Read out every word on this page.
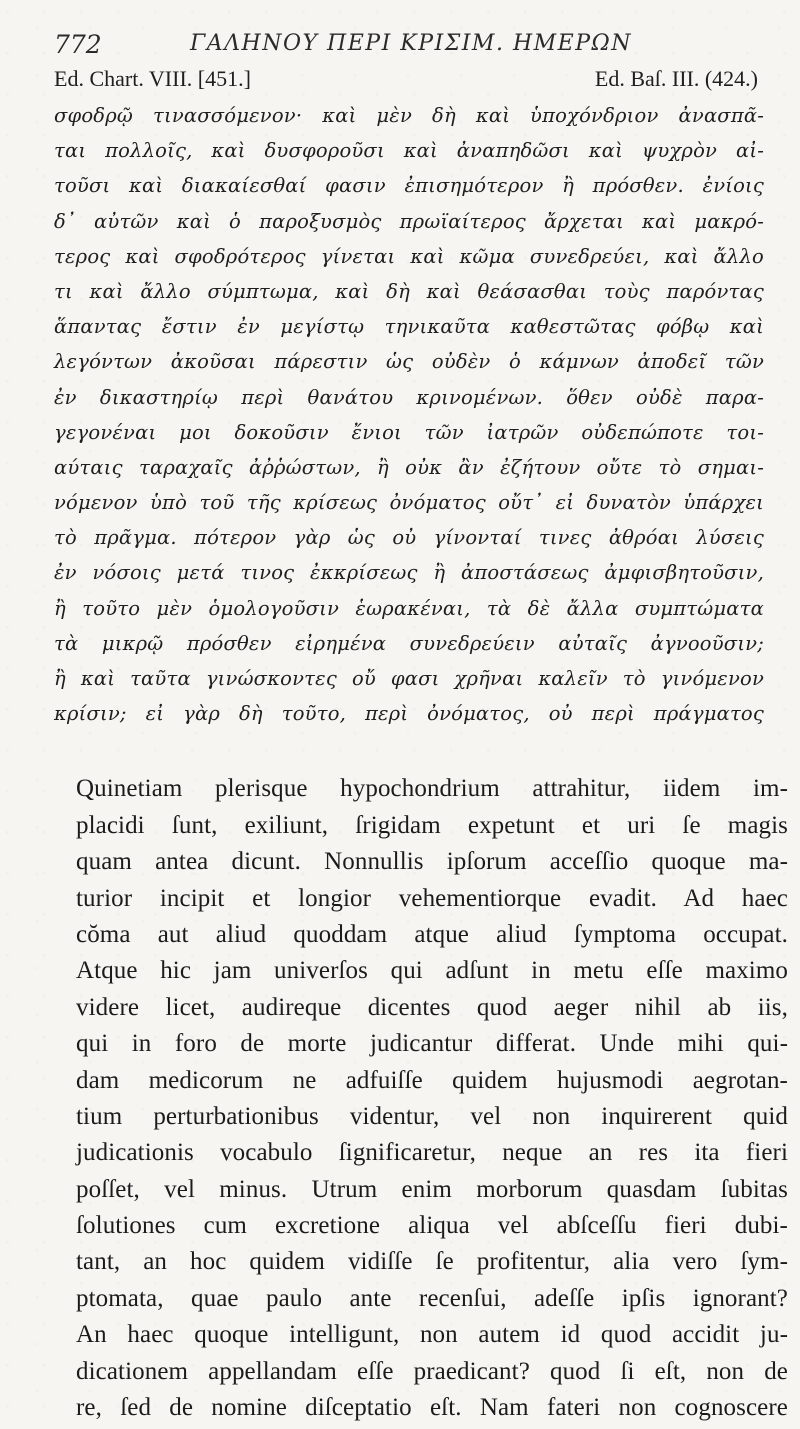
772	ΓΑΛΗΝΟΥ ΠΕΡΙ ΚΡΙΣΙΜ. ΗΜΕΡΩΝ
Ed. Chart. VIII. [451.]	Ed. Baſ. III. (424.)
σφοδρῷ τινασσόμενον· καὶ μὲν δὴ καὶ ὑποχόνδριον ἀνασπᾶ-
ται πολλοῖς, καὶ δυσφοροῦσι καὶ ἀναπηδῶσι καὶ ψυχρὸν αἰ-
τοῦσι καὶ διακαίεσθαί φασιν ἐπισημότερον ἢ πρόσθεν. ἐνίοις
δ᾽ αὐτῶν καὶ ὁ παροξυσμὸς πρωϊαίτερος ἄρχεται καὶ μακρό-
τερος καὶ σφοδρότερος γίνεται καὶ κῶμα συνεδρεύει, καὶ ἄλλο
τι καὶ ἄλλο σύμπτωμα, καὶ δὴ καὶ θεάσασθαι τοὺς παρόντας
ἅπαντας ἔστιν ἐν μεγίστῳ τηνικαῦτα καθεστῶτας φόβῳ καὶ
λεγόντων ἀκοῦσαι πάρεστιν ὡς οὐδὲν ὁ κάμνων ἀποδεῖ τῶν
ἐν δικαστηρίῳ περὶ θανάτου κρινομένων. ὅθεν οὐδὲ παρα-
γεγονέναι μοι δοκοῦσιν ἔνιοι τῶν ἰατρῶν οὐδεπώποτε τοι-
αύταις ταραχαῖς ἀῤῥώστων, ἢ οὐκ ἂν ἐζήτουν οὔτε τὸ σημαι-
νόμενον ὑπὸ τοῦ τῆς κρίσεως ὀνόματος οὔτ᾽ εἰ δυνατὸν ὑπάρχει
τὸ πρᾶγμα. πότερον γὰρ ὡς οὐ γίνονταί τινες ἀθρόαι λύσεις
ἐν νόσοις μετά τινος ἐκκρίσεως ἢ ἀποστάσεως ἀμφισβητοῦσιν,
ἢ τοῦτο μὲν ὁμολογοῦσιν ἑωρακέναι, τὰ δὲ ἄλλα συμπτώματα
τὰ μικρῷ πρόσθεν εἰρημένα συνεδρεύειν αὐταῖς ἀγνοοῦσιν;
ἢ καὶ ταῦτα γινώσκοντες οὔ φασι χρῆναι καλεῖν τὸ γινόμενον
κρίσιν; εἰ γὰρ δὴ τοῦτο, περὶ ὀνόματος, οὐ περὶ πράγματος
Quinetiam plerisque hypochondrium attrahitur, iidem im-
placidi ſunt, exiliunt, ſrigidam expetunt et uri ſe magis
quam antea dicunt. Nonnullis ipſorum acceſſio quoque ma-
turior incipit et longior vehementiorque evadit. Ad haec
cŏma aut aliud quoddam atque aliud ſymptoma occupat.
Atque hic jam univerſos qui adſunt in metu eſſe maximo
videre licet, audireque dicentes quod aeger nihil ab iis,
qui in foro de morte judicantur differat. Unde mihi qui-
dam medicorum ne adfuiſſe quidem hujusmodi aegrotan-
tium perturbationibus videntur, vel non inquirerent quid
judicationis vocabulo ſignificaretur, neque an res ita fieri
poſſet, vel minus. Utrum enim morborum quasdam ſubitas
ſolutiones cum excretione aliqua vel abſceſſu fieri dubi-
tant, an hoc quidem vidiſſe ſe profitentur, alia vero ſym-
ptomata, quae paulo ante recenſui, adeſſe ipſis ignorant?
An haec quoque intelligunt, non autem id quod accidit ju-
dicationem appellandam eſſe praedicant? quod ſi eſt, non de
re, ſed de nomine diſceptatio eſt. Nam fateri non cognoscere
